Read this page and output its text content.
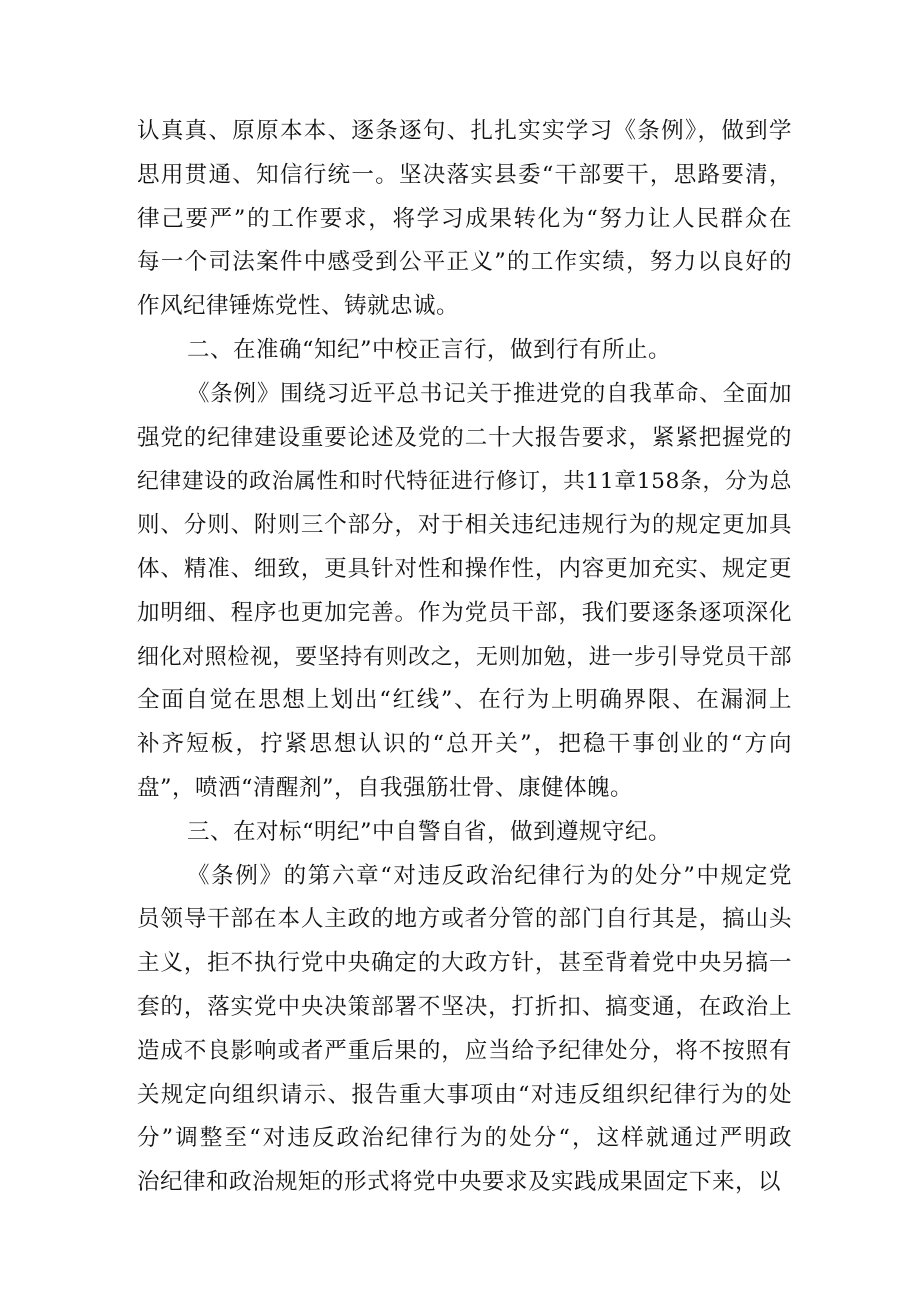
认真真、原原本本、逐条逐句、扎扎实实学习《条例》，做到学
思用贯通、知信行统一。坚决落实县委“干部要干，思路要清，
律己要严”的工作要求，将学习成果转化为“努力让人民群众在
每一个司法案件中感受到公平正义”的工作实绩，努力以良好的
作风纪律锤炼党性、铸就忠诚。
二、在准确“知纪”中校正言行，做到行有所止。
《条例》围绕习近平总书记关于推进党的自我革命、全面加
强党的纪律建设重要论述及党的二十大报告要求，紧紧把握党的
纪律建设的政治属性和时代特征进行修订，共11章158条，分为总
则、分则、附则三个部分，对于相关违纪违规行为的规定更加具
体、精准、细致，更具针对性和操作性，内容更加充实、规定更
加明细、程序也更加完善。作为党员干部，我们要逐条逐项深化
细化对照检视，要坚持有则改之，无则加勉，进一步引导党员干部
全面自觉在思想上划出“红线”、在行为上明确界限、在漏洞上
补齐短板，拧紧思想认识的“总开关”，把稳干事创业的“方向
盘”，喷洒“清醒剂”，自我强筋壮骨、康健体魄。
三、在对标“明纪”中自警自省，做到遵规守纪。
《条例》的第六章“对违反政治纪律行为的处分”中规定党
员领导干部在本人主政的地方或者分管的部门自行其是，搞山头
主义，拒不执行党中央确定的大政方针，甚至背着党中央另搞一
套的，落实党中央决策部署不坚决，打折扣、搞变通，在政治上
造成不良影响或者严重后果的，应当给予纪律处分，将不按照有
关规定向组织请示、报告重大事项由“对违反组织纪律行为的处
分”调整至“对违反政治纪律行为的处分“，这样就通过严明政
治纪律和政治规矩的形式将党中央要求及实践成果固定下来，以
